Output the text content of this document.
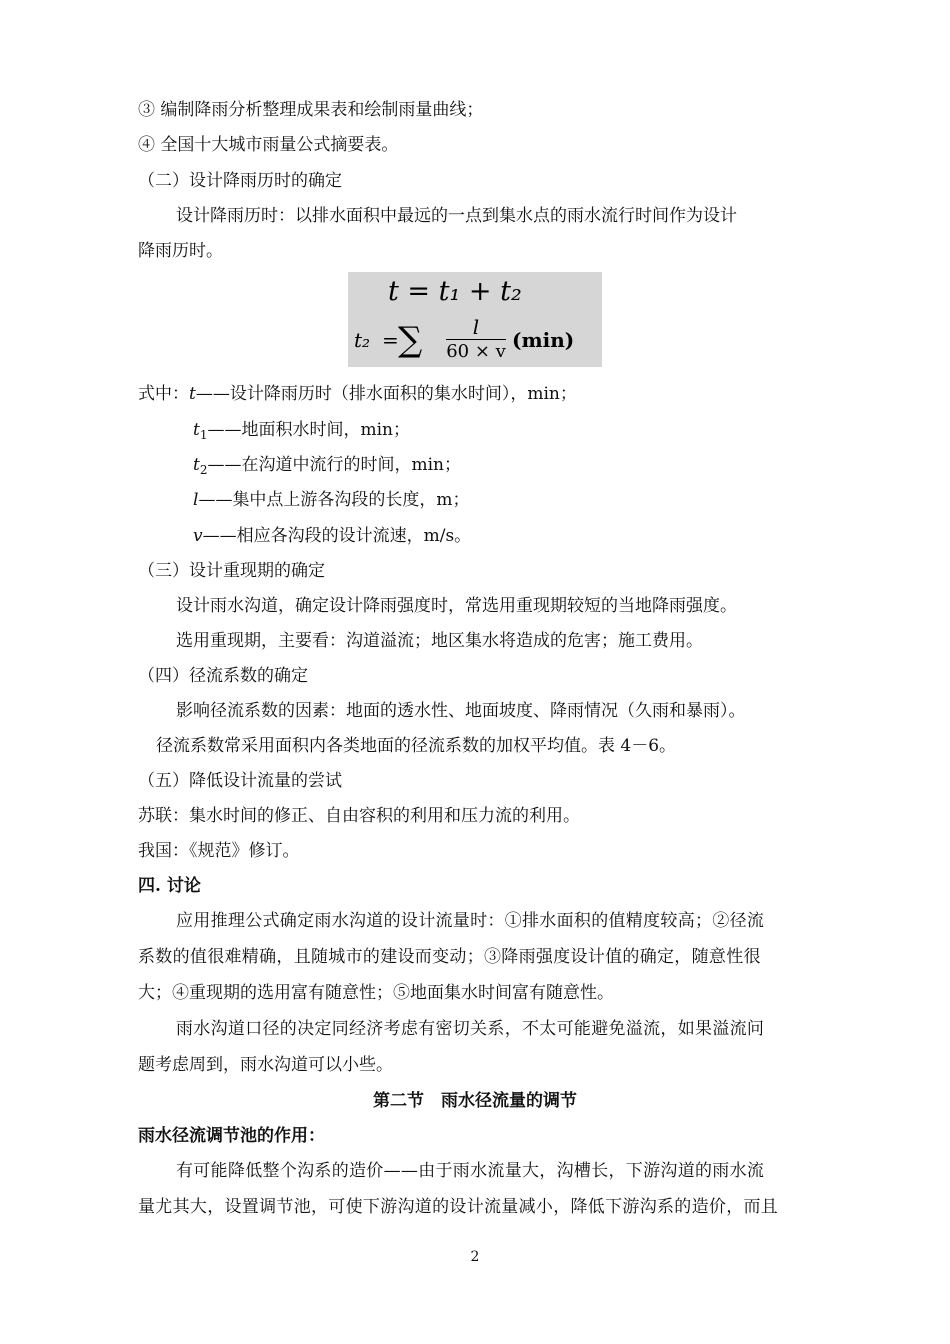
③ 编制降雨分析整理成果表和绘制雨量曲线；
④ 全国十大城市雨量公式摘要表。
（二）设计降雨历时的确定
设计降雨历时：以排水面积中最远的一点到集水点的雨水流行时间作为设计
降雨历时。
t = t₁ + t₂
t₂ = ∑	l
60 × v (min)
式中：t——设计降雨历时（排水面积的集水时间），min；
$t_1——$地面积水时间，min；
$t_2——$在沟道中流行的时间，min；
l——集中点上游各沟段的长度，m；
v——相应各沟段的设计流速，m/s。
（三）设计重现期的确定
设计雨水沟道，确定设计降雨强度时，常选用重现期较短的当地降雨强度。
选用重现期，主要看：沟道溢流；地区集水将造成的危害；施工费用。
（四）径流系数的确定
影响径流系数的因素：地面的透水性、地面坡度、降雨情况（久雨和暴雨）。
径流系数常采用面积内各类地面的径流系数的加权平均值。表 4－6。
（五）降低设计流量的尝试
苏联：集水时间的修正、自由容积的利用和压力流的利用。
我国：《规范》修订。
四. 讨论
应用推理公式确定雨水沟道的设计流量时：①排水面积的值精度较高；②径流
系数的值很难精确，且随城市的建设而变动；③降雨强度设计值的确定，随意性很
大；④重现期的选用富有随意性；⑤地面集水时间富有随意性。
雨水沟道口径的决定同经济考虑有密切关系，不太可能避免溢流，如果溢流问
题考虑周到，雨水沟道可以小些。
第二节　雨水径流量的调节
雨水径流调节池的作用：
有可能降低整个沟系的造价——由于雨水流量大，沟槽长，下游沟道的雨水流
量尤其大，设置调节池，可使下游沟道的设计流量减小，降低下游沟系的造价，而且
2
